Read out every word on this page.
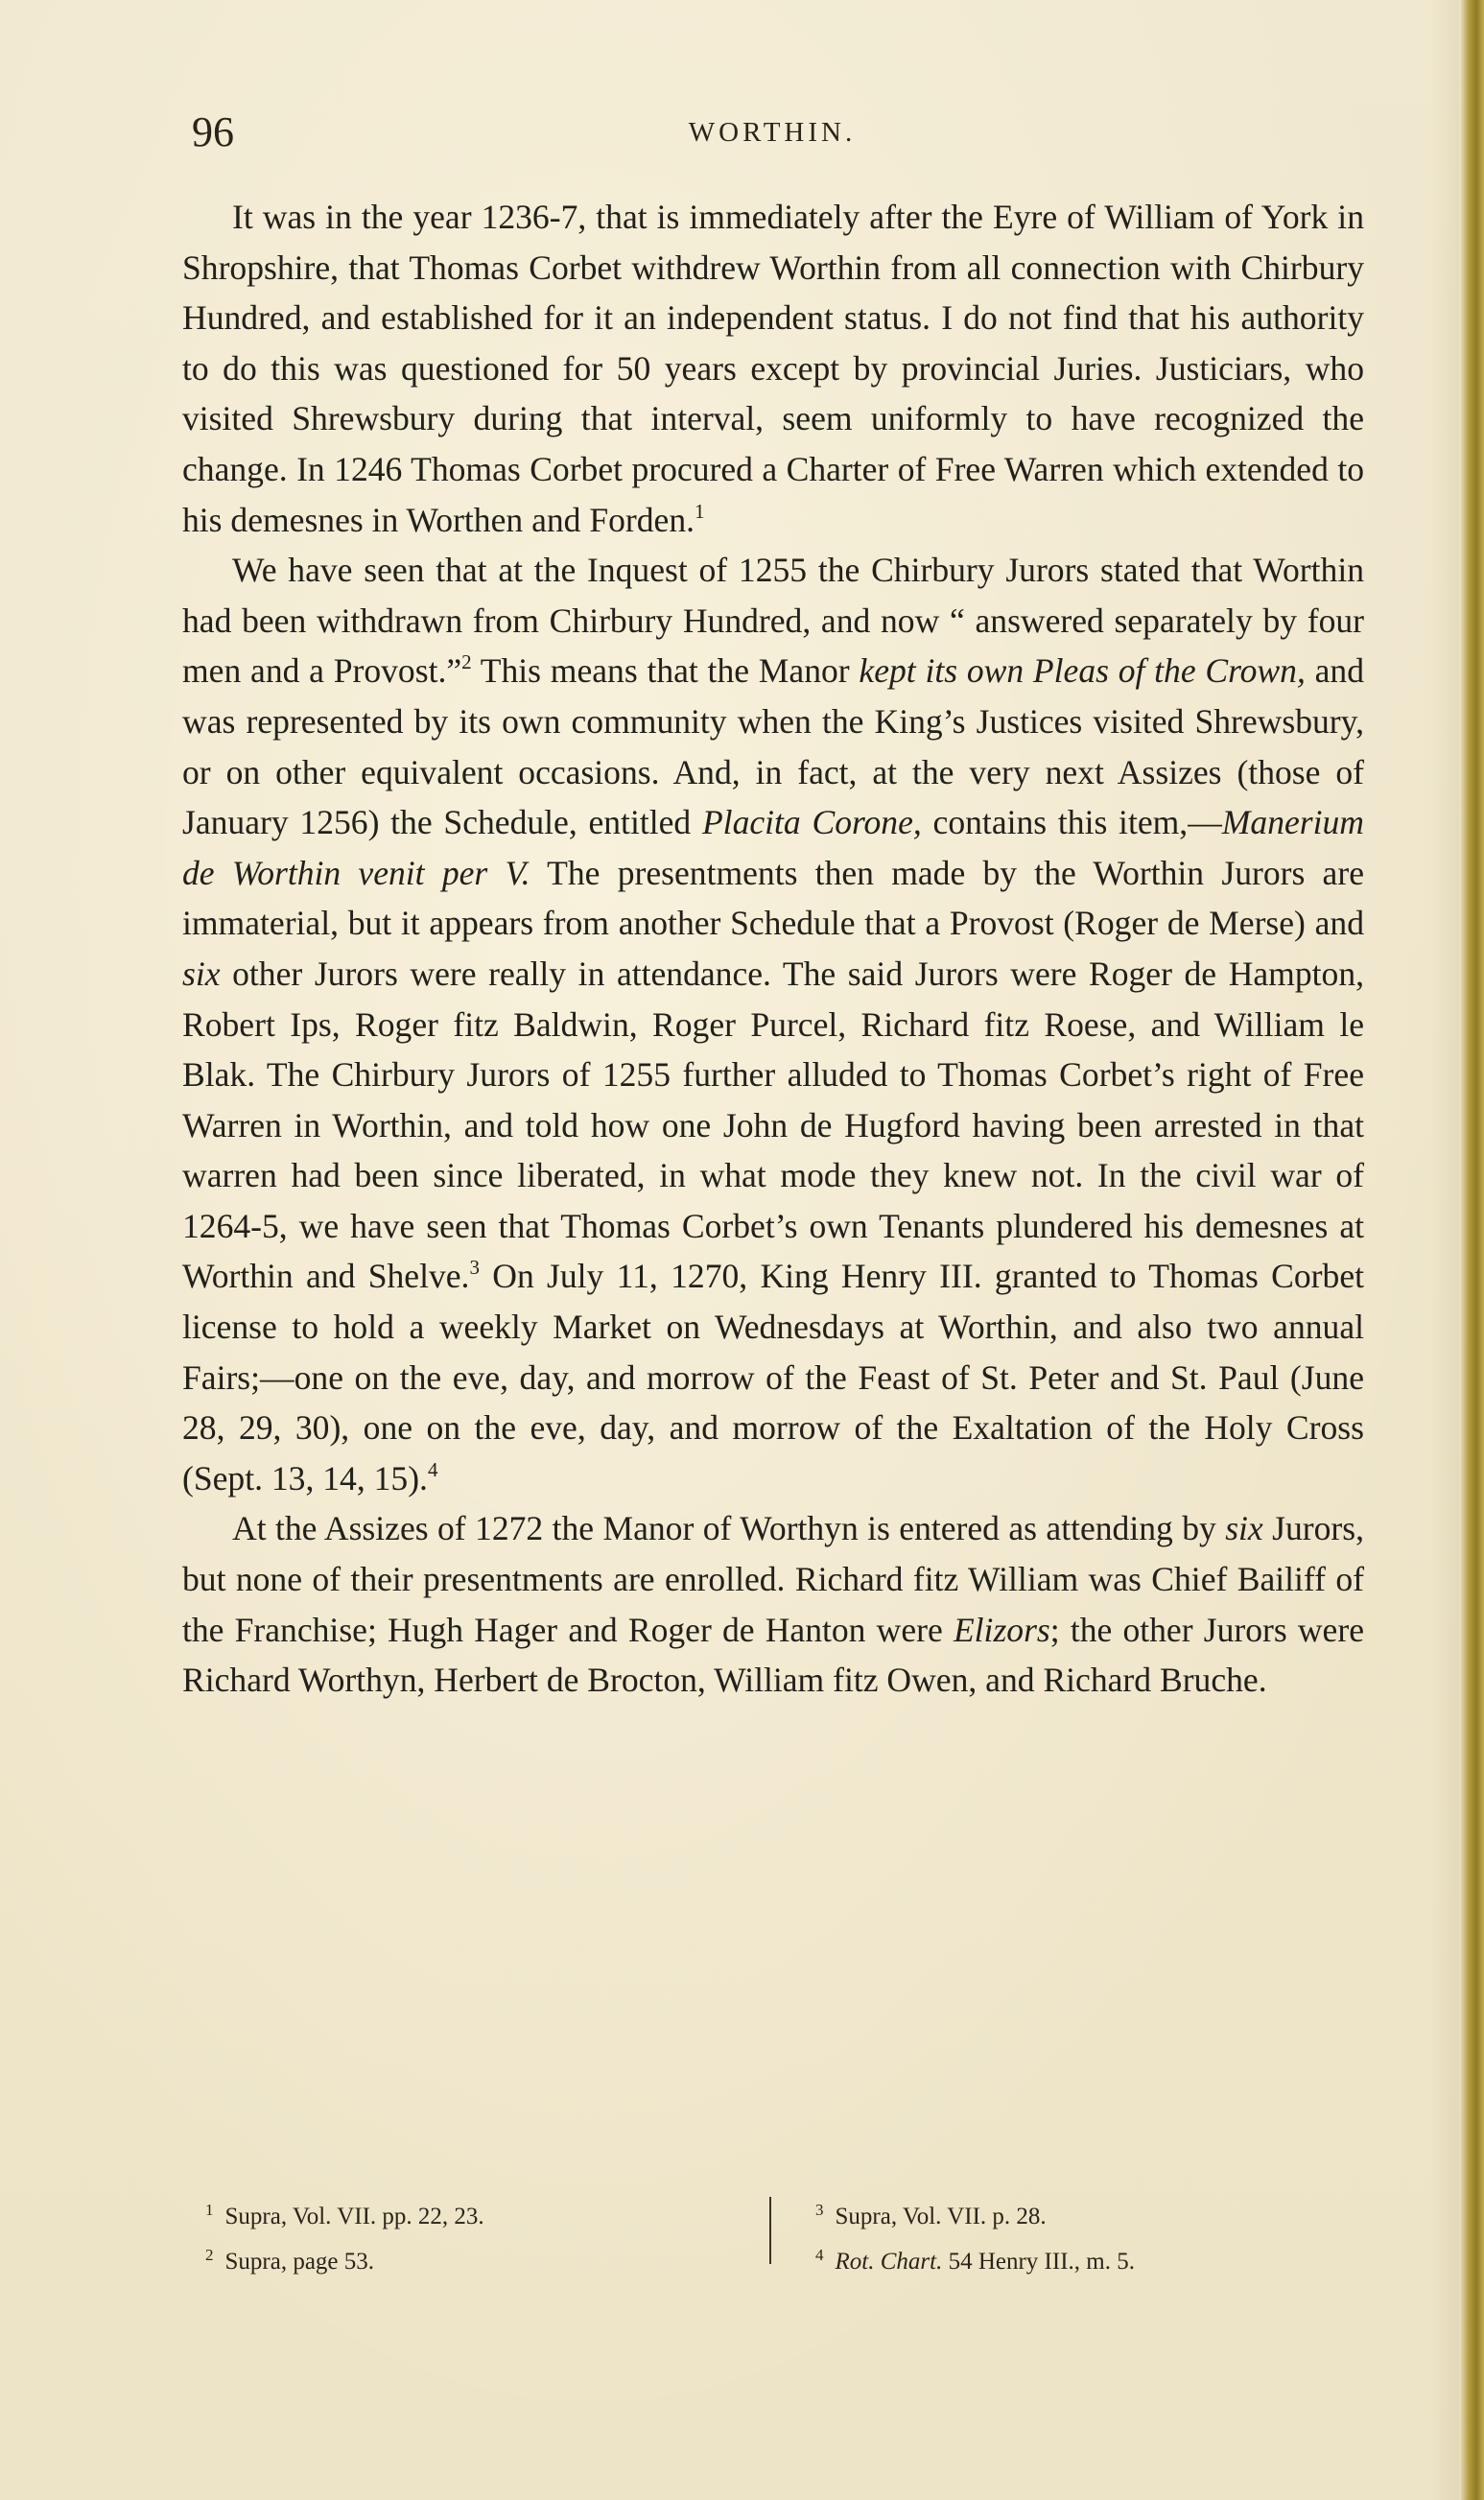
96	WORTHIN.

It was in the year 1236-7, that is immediately after the Eyre of William of York in Shropshire, that Thomas Corbet withdrew Worthin from all connection with Chirbury Hundred, and established for it an independent status. I do not find that his authority to do this was questioned for 50 years except by provincial Juries. Justiciars, who visited Shrewsbury during that interval, seem uniformly to have recognized the change. In 1246 Thomas Corbet procured a Charter of Free Warren which extended to his demesnes in Worthen and Forden.$^1$

We have seen that at the Inquest of 1255 the Chirbury Jurors stated that Worthin had been withdrawn from Chirbury Hundred, and now “ answered separately by four men and a Provost.”$^2$ This means that the Manor kept its own Pleas of the Crown, and was represented by its own community when the King’s Justices visited Shrewsbury, or on other equivalent occasions. And, in fact, at the very next Assizes (those of January 1256) the Schedule, entitled Placita Corone, contains this item,—Manerium de Worthin venit per V. The presentments then made by the Worthin Jurors are immaterial, but it appears from another Schedule that a Provost (Roger de Merse) and six other Jurors were really in attendance. The said Jurors were Roger de Hampton, Robert Ips, Roger fitz Baldwin, Roger Purcel, Richard fitz Roese, and William le Blak. The Chirbury Jurors of 1255 further alluded to Thomas Corbet’s right of Free Warren in Worthin, and told how one John de Hugford having been arrested in that warren had been since liberated, in what mode they knew not. In the civil war of 1264-5, we have seen that Thomas Corbet’s own Tenants plundered his demesnes at Worthin and Shelve.$^3$ On July 11, 1270, King Henry III. granted to Thomas Corbet license to hold a weekly Market on Wednesdays at Worthin, and also two annual Fairs;—one on the eve, day, and morrow of the Feast of St. Peter and St. Paul (June 28, 29, 30), one on the eve, day, and morrow of the Exaltation of the Holy Cross (Sept. 13, 14, 15).$^4$

At the Assizes of 1272 the Manor of Worthyn is entered as attending by six Jurors, but none of their presentments are enrolled. Richard fitz William was Chief Bailiff of the Franchise; Hugh Hager and Roger de Hanton were Elizors; the other Jurors were Richard Worthyn, Herbert de Brocton, William fitz Owen, and Richard Bruche.

$^1$ Supra, Vol. VII. pp. 22, 23.
$^2$ Supra, page 53.
$^3$ Supra, Vol. VII. p. 28.
$^4$ Rot. Chart. 54 Henry III., m. 5.
